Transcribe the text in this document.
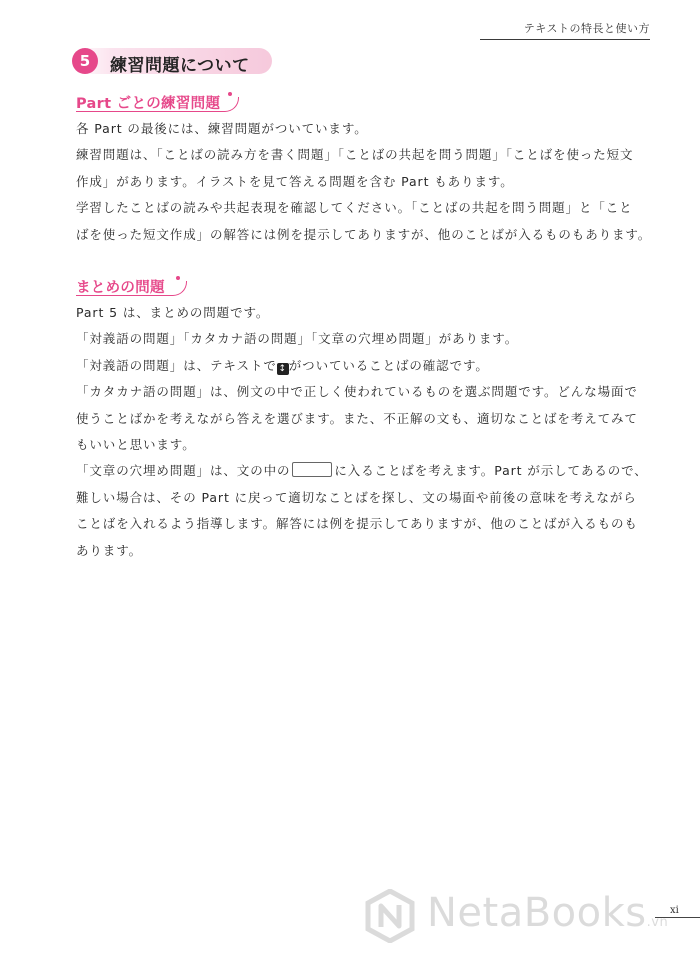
テキストの特長と使い方
5	練習問題について
Part ごとの練習問題
各 Part の最後には、練習問題がついています。
練習問題は、「ことばの読み方を書く問題」「ことばの共起を問う問題」「ことばを使った短文
作成」があります。イラストを見て答える問題を含む Part もあります。
学習したことばの読みや共起表現を確認してください。「ことばの共起を問う問題」と「こと
ばを使った短文作成」の解答には例を提示してありますが、他のことばが入るものもあります。
まとめの問題
Part 5 は、まとめの問題です。
「対義語の問題」「カタカナ語の問題」「文章の穴埋め問題」があります。
「対義語の問題」は、テキストで ↕ がついていることばの確認です。
「カタカナ語の問題」は、例文の中で正しく使われているものを選ぶ問題です。どんな場面で
使うことばかを考えながら答えを選びます。また、不正解の文も、適切なことばを考えてみて
もいいと思います。
「文章の穴埋め問題」は、文の中の	に入ることばを考えます。Part が示してあるので、
難しい場合は、その Part に戻って適切なことばを探し、文の場面や前後の意味を考えながら
ことばを入れるよう指導します。解答には例を提示してありますが、他のことばが入るものも
あります。
NetaBooks.vn
xi
